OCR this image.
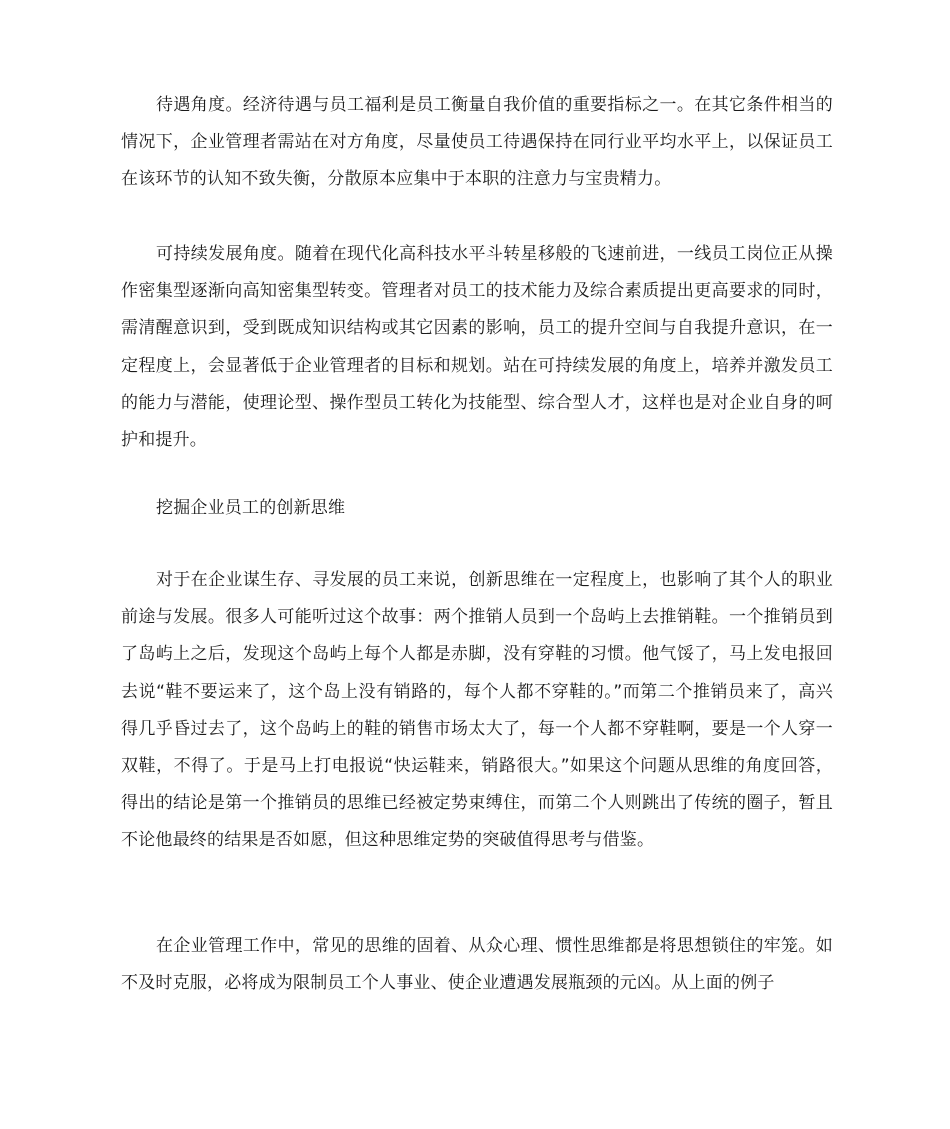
待遇角度。经济待遇与员工福利是员工衡量自我价值的重要指标之一。在其它条件相当的情况下，企业管理者需站在对方角度，尽量使员工待遇保持在同行业平均水平上，以保证员工在该环节的认知不致失衡，分散原本应集中于本职的注意力与宝贵精力。

可持续发展角度。随着在现代化高科技水平斗转星移般的飞速前进，一线员工岗位正从操作密集型逐渐向高知密集型转变。管理者对员工的技术能力及综合素质提出更高要求的同时，需清醒意识到，受到既成知识结构或其它因素的影响，员工的提升空间与自我提升意识，在一定程度上，会显著低于企业管理者的目标和规划。站在可持续发展的角度上，培养并激发员工的能力与潜能，使理论型、操作型员工转化为技能型、综合型人才，这样也是对企业自身的呵护和提升。

挖掘企业员工的创新思维

对于在企业谋生存、寻发展的员工来说，创新思维在一定程度上，也影响了其个人的职业前途与发展。很多人可能听过这个故事：两个推销人员到一个岛屿上去推销鞋。一个推销员到了岛屿上之后，发现这个岛屿上每个人都是赤脚，没有穿鞋的习惯。他气馁了，马上发电报回去说“鞋不要运来了，这个岛上没有销路的，每个人都不穿鞋的。”而第二个推销员来了，高兴得几乎昏过去了，这个岛屿上的鞋的销售市场太大了，每一个人都不穿鞋啊，要是一个人穿一双鞋，不得了。于是马上打电报说“快运鞋来，销路很大。”如果这个问题从思维的角度回答，得出的结论是第一个推销员的思维已经被定势束缚住，而第二个人则跳出了传统的圈子，暂且不论他最终的结果是否如愿，但这种思维定势的突破值得思考与借鉴。

在企业管理工作中，常见的思维的固着、从众心理、惯性思维都是将思想锁住的牢笼。如不及时克服，必将成为限制员工个人事业、使企业遭遇发展瓶颈的元凶。从上面的例子
